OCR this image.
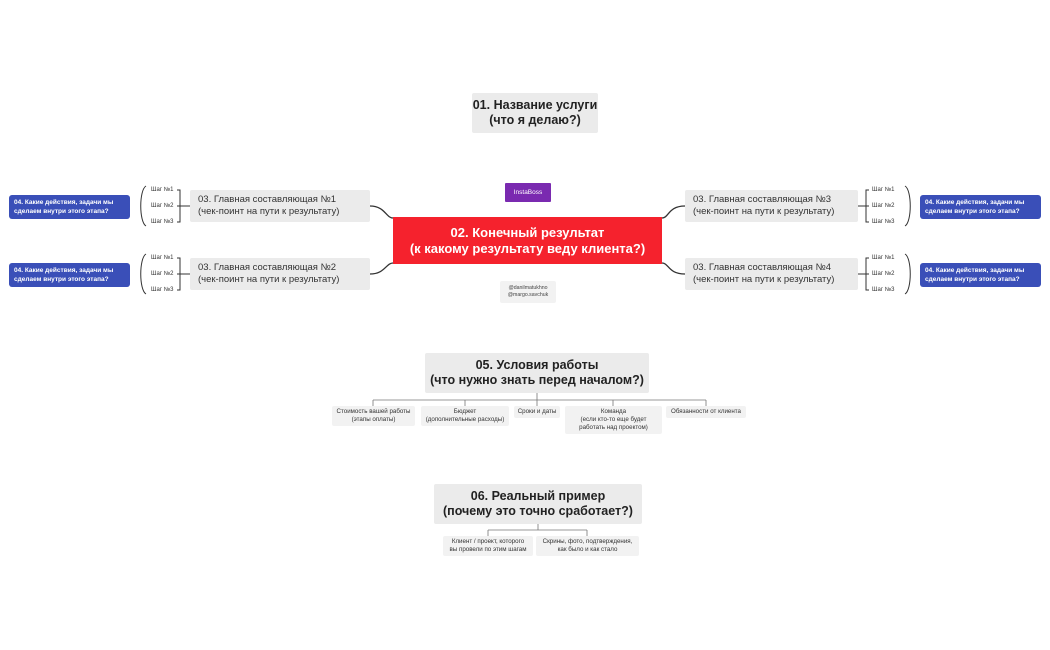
01. Название услуги
(что я делаю?)
InstaBoss
02. Конечный результат
(к какому результату веду клиента?)
@danilmatukhno
@margo.savchuk
03. Главная составляющая №1
(чек-поинт на пути к результату)
03. Главная составляющая №2
(чек-поинт на пути к результату)
03. Главная составляющая №3
(чек-поинт на пути к результату)
03. Главная составляющая №4
(чек-поинт на пути к результату)
Шаг №1
Шаг №2
Шаг №3
Шаг №1
Шаг №2
Шаг №3
Шаг №1
Шаг №2
Шаг №3
Шаг №1
Шаг №2
Шаг №3
04. Какие действия, задачи мы
сделаем внутри этого этапа?
04. Какие действия, задачи мы
сделаем внутри этого этапа?
04. Какие действия, задачи мы
сделаем внутри этого этапа?
04. Какие действия, задачи мы
сделаем внутри этого этапа?
05. Условия работы
(что нужно знать перед началом?)
Стоимость вашей работы
(этапы оплаты)
Бюджет
(дополнительные расходы)
Сроки и даты	Команда
(если кто-то еще будет
работать над проектом)
Обязанности от клиента
06. Реальный пример
(почему это точно сработает?)
Клиент / проект, которого
вы провели по этим шагам
Скрины, фото, подтверждения,
как было и как стало
